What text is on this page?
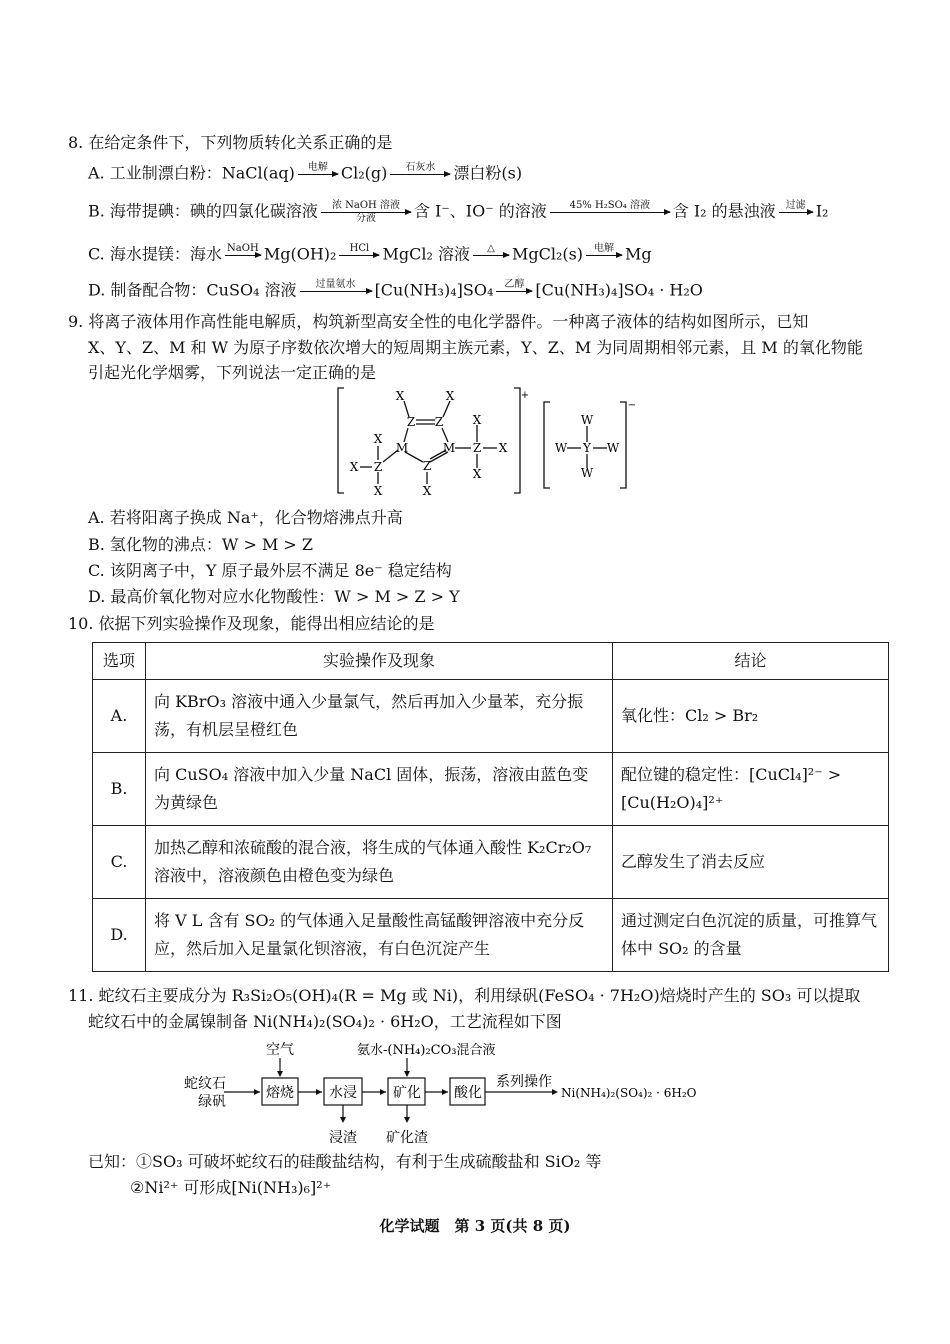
8. 在给定条件下，下列物质转化关系正确的是
A. 工业制漂白粉：NaCl(aq)	电解
Cl₂(g)	石灰水
	漂白粉(s)
B. 海带提碘：碘的四氯化碳溶液	浓 NaOH 溶液
分液	含 I⁻、IO⁻ 的溶液	45% H₂SO₄ 溶液
	含 I₂ 的悬浊液	过滤
I₂
C. 海水提镁：海水 NaOH
Mg(OH)₂	HCl
MgCl₂ 溶液	△
	MgCl₂(s)	电解
Mg
D. 制备配合物：CuSO₄ 溶液	过量氨水
	[Cu(NH₃)₄]SO₄	乙醇
[Cu(NH₃)₄]SO₄ · H₂O
9. 将离子液体用作高性能电解质，构筑新型高安全性的电化学器件。一种离子液体的结构如图所示，已知
X、Y、Z、M 和 W 为原子序数依次增大的短周期主族元素，Y、Z、M 为同周期相邻元素，且 M 的氧化物能
引起光化学烟雾，下列说法一定正确的是
X	X
Z Z
M	M
Z
X
X
X Z
X
X
Z X
X
+
W
W Y W
W
−
A. 若将阳离子换成 Na⁺，化合物熔沸点升高
B. 氢化物的沸点：W > M > Z
C. 该阴离子中，Y 原子最外层不满足 8e⁻ 稳定结构
D. 最高价氧化物对应水化物酸性：W > M > Z > Y
10. 依据下列实验操作及现象，能得出相应结论的是
选项	实验操作及现象	结论
A.	向 KBrO₃ 溶液中通入少量氯气，然后再加入少量苯，充分振荡，有机层呈橙红色	氧化性：Cl₂ > Br₂
B.	向 CuSO₄ 溶液中加入少量 NaCl 固体，振荡，溶液由蓝色变为黄绿色	配位键的稳定性：[CuCl₄]²⁻ > [Cu(H₂O)₄]²⁺
C.	加热乙醇和浓硫酸的混合液，将生成的气体通入酸性 K₂Cr₂O₇ 溶液中，溶液颜色由橙色变为绿色	乙醇发生了消去反应
D.	将 V L 含有 SO₂ 的气体通入足量酸性高锰酸钾溶液中充分反应，然后加入足量氯化钡溶液，有白色沉淀产生	通过测定白色沉淀的质量，可推算气体中 SO₂ 的含量
11. 蛇纹石主要成分为 R₃Si₂O₅(OH)₄(R = Mg 或 Ni)，利用绿矾(FeSO₄ · 7H₂O)焙烧时产生的 SO₃ 可以提取
蛇纹石中的金属镍制备 Ni(NH₄)₂(SO₄)₂ · 6H₂O，工艺流程如下图
蛇纹石
绿矾
空气	氨水-(NH₄)₂CO₃混合液
熔烧	水浸	矿化 酸化
系列操作
Ni(NH₄)₂(SO₄)₂ · 6H₂O
浸渣 矿化渣
已知：①SO₃ 可破坏蛇纹石的硅酸盐结构，有利于生成硫酸盐和 SiO₂ 等
②Ni²⁺ 可形成[Ni(NH₃)₆]²⁺
化学试题　第 3 页(共 8 页)
